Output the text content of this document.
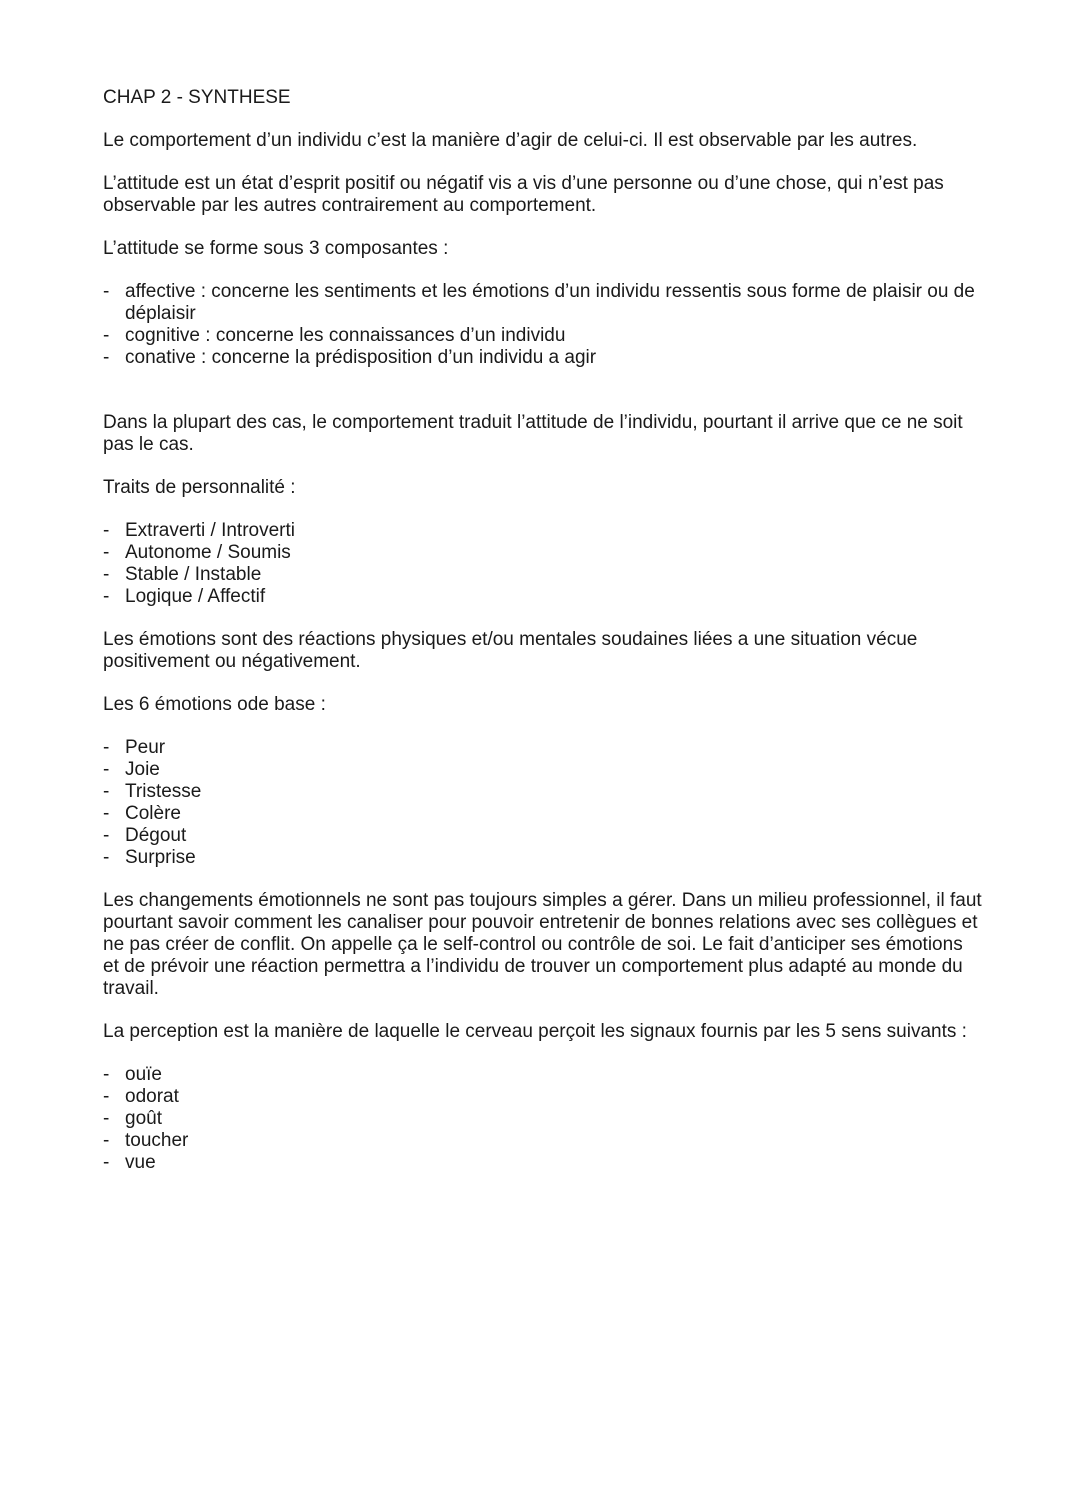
CHAP 2 - SYNTHESE

Le comportement d’un individu c’est la manière d’agir de celui-ci. Il est observable par les autres.

L’attitude est un état d’esprit positif ou négatif vis a vis d’une personne ou d’une chose, qui n’est pas observable par les autres contrairement au comportement.

L’attitude se forme sous 3 composantes :

- affective : concerne les sentiments et les émotions d’un individu ressentis sous forme de plaisir ou de déplaisir
- cognitive : concerne les connaissances d’un individu
- conative : concerne la prédisposition d’un individu a agir

Dans la plupart des cas, le comportement traduit l’attitude de l’individu, pourtant il arrive que ce ne soit pas le cas.

Traits de personnalité :

- Extraverti / Introverti
- Autonome / Soumis
- Stable / Instable
- Logique / Affectif

Les émotions sont des réactions physiques et/ou mentales soudaines liées a une situation vécue positivement ou négativement.

Les 6 émotions ode base :

- Peur
- Joie
- Tristesse
- Colère
- Dégout
- Surprise

Les changements émotionnels ne sont pas toujours simples a gérer. Dans un milieu professionnel, il faut pourtant savoir comment les canaliser pour pouvoir entretenir de bonnes relations avec ses collègues et ne pas créer de conflit. On appelle ça le self-control ou contrôle de soi. Le fait d’anticiper ses émotions et de prévoir une réaction permettra a l’individu de trouver un comportement plus adapté au monde du travail.

La perception est la manière de laquelle le cerveau perçoit les signaux fournis par les 5 sens suivants :

- ouïe
- odorat
- goût
- toucher
- vue
